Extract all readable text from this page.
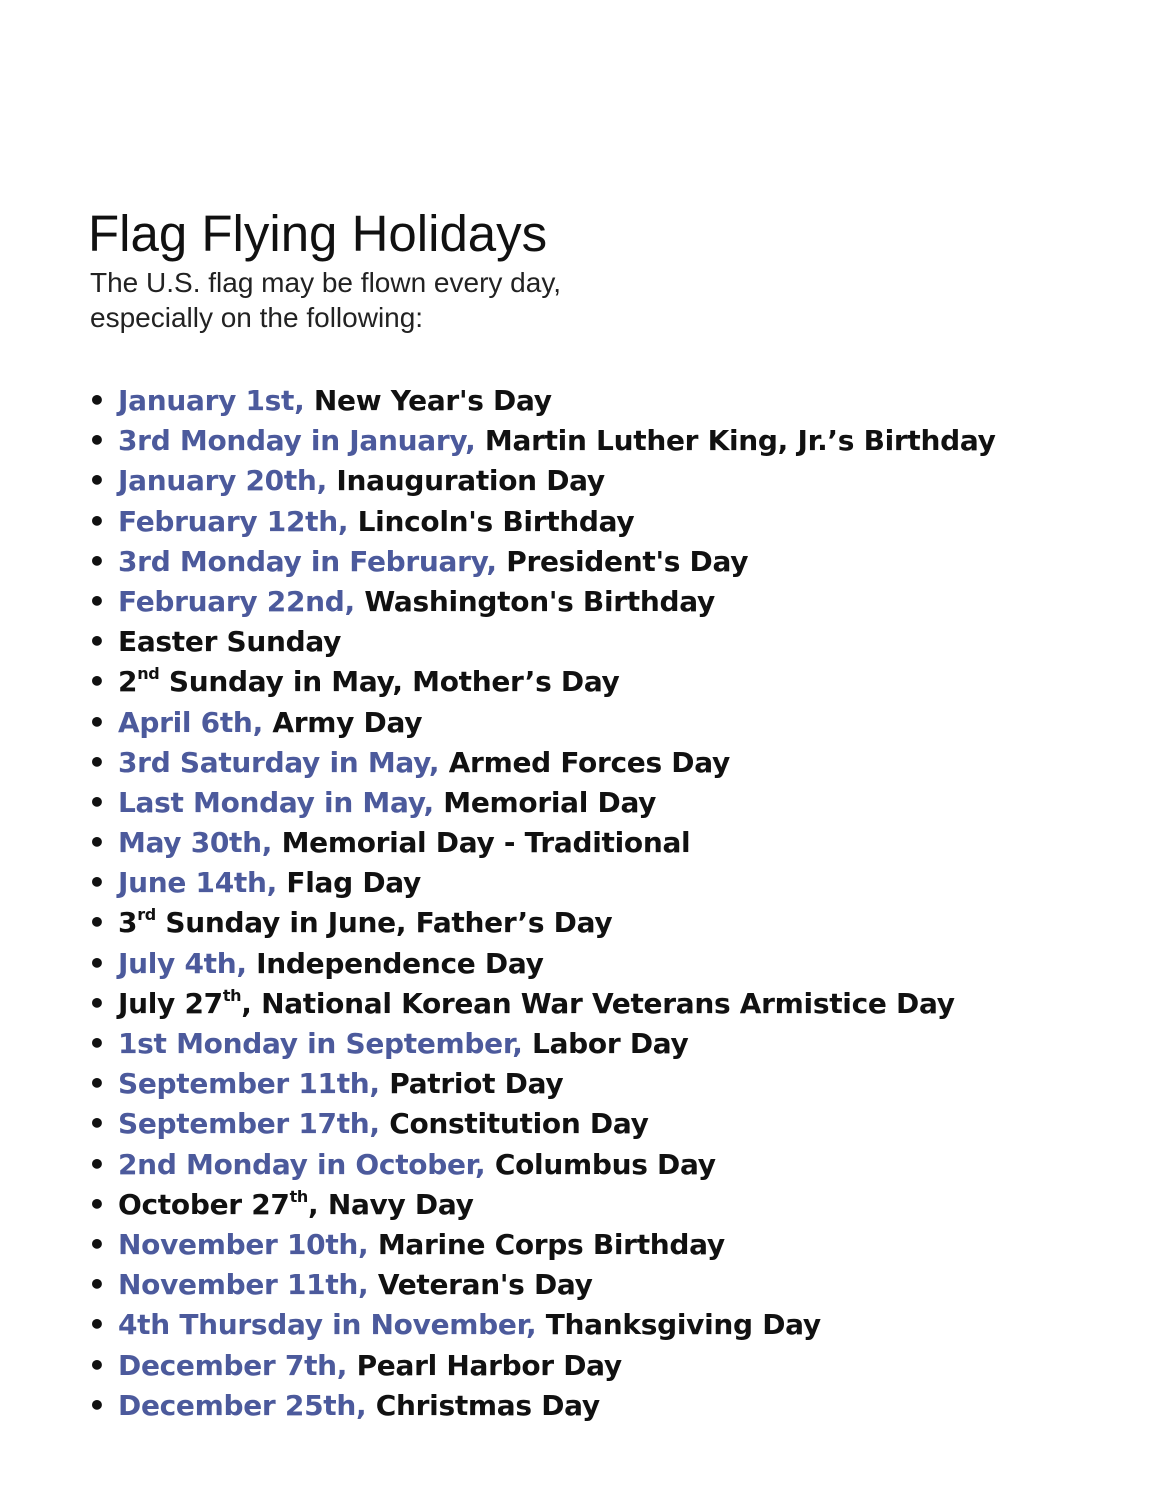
Flag Flying Holidays
The U.S. flag may be flown every day,
especially on the following:
• January 1st, New Year's Day
• 3rd Monday in January, Martin Luther King, Jr.’s Birthday
• January 20th, Inauguration Day
• February 12th, Lincoln's Birthday
• 3rd Monday in February, President's Day
• February 22nd, Washington's Birthday
• Easter Sunday
• 2nd Sunday in May, Mother’s Day
• April 6th, Army Day
• 3rd Saturday in May, Armed Forces Day
• Last Monday in May, Memorial Day
• May 30th, Memorial Day - Traditional
• June 14th, Flag Day
• 3rd Sunday in June, Father’s Day
• July 4th, Independence Day
• July 27th, National Korean War Veterans Armistice Day
• 1st Monday in September, Labor Day
• September 11th, Patriot Day
• September 17th, Constitution Day
• 2nd Monday in October, Columbus Day
• October 27th, Navy Day
• November 10th, Marine Corps Birthday
• November 11th, Veteran's Day
• 4th Thursday in November, Thanksgiving Day
• December 7th, Pearl Harbor Day
• December 25th, Christmas Day
